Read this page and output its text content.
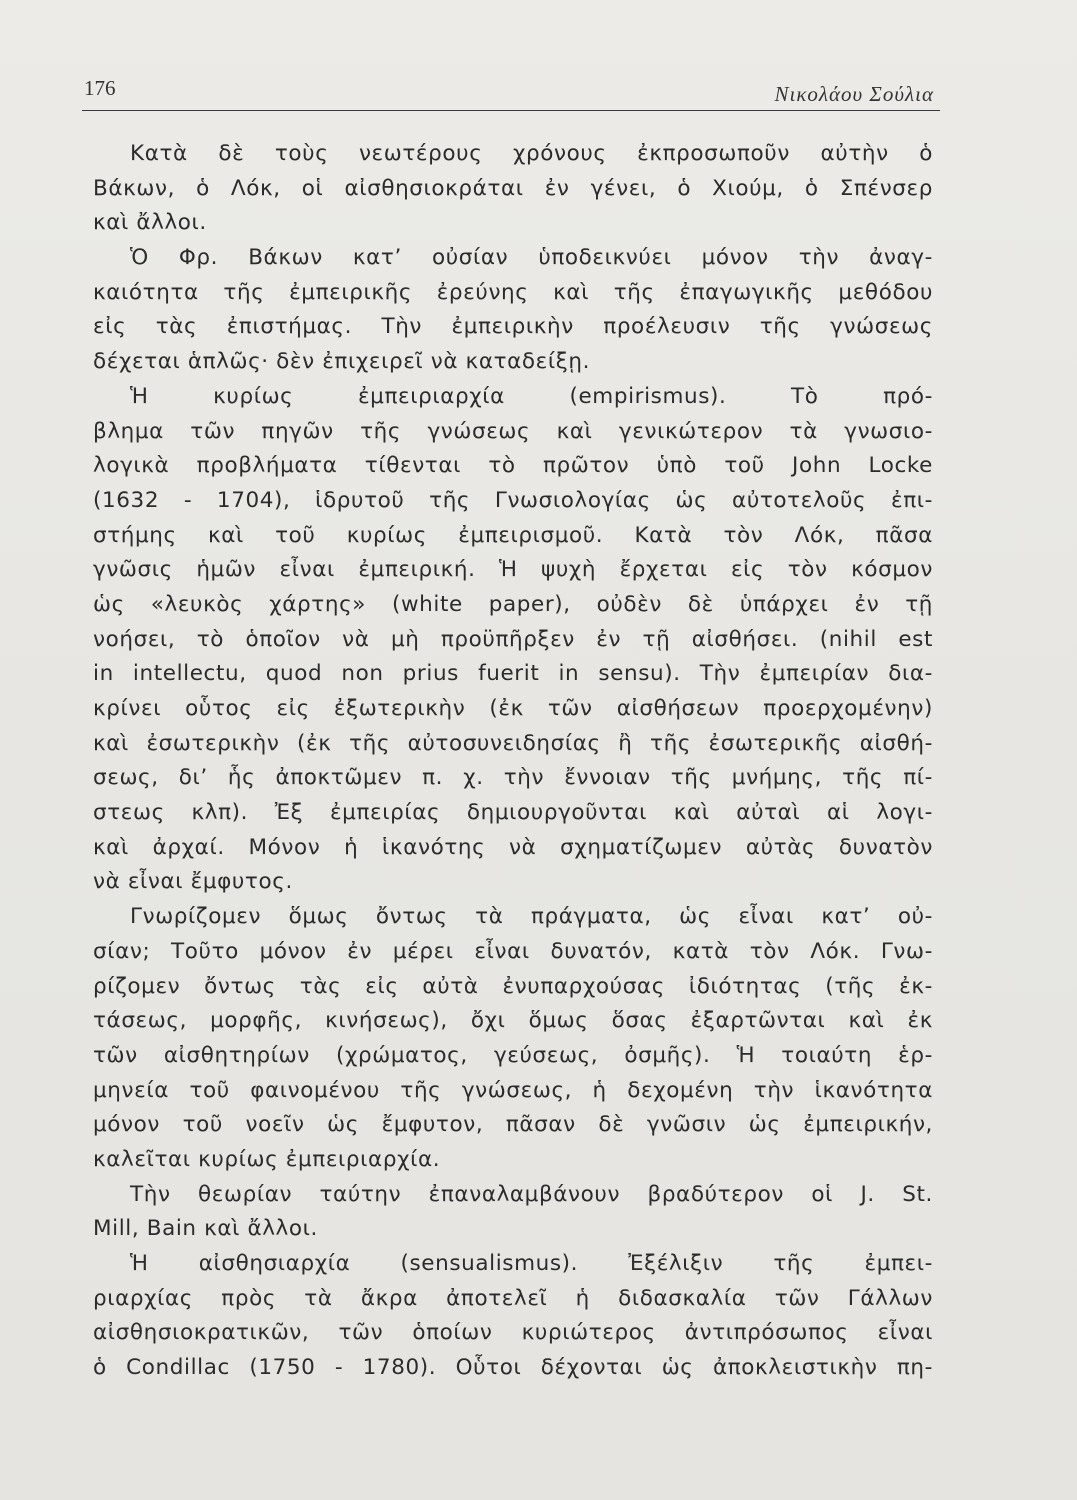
176	Νικολάου Σούλια
Κατὰ δὲ τοὺς νεωτέρους χρόνους ἐκπροσωποῦν αὐτὴν ὁ
Βάκων, ὁ Λόκ, οἱ αἰσθησιοκράται ἐν γένει, ὁ Χιούμ, ὁ Σπένσερ
καὶ ἄλλοι.
Ὁ Φρ. Βάκων κατ’ οὐσίαν ὑποδεικνύει μόνον τὴν ἀναγ-
καιότητα τῆς ἐμπειρικῆς ἐρεύνης καὶ τῆς ἐπαγωγικῆς μεθόδου
εἰς τὰς ἐπιστήμας. Τὴν ἐμπειρικὴν προέλευσιν τῆς γνώσεως
δέχεται ἁπλῶς· δὲν ἐπιχειρεῖ νὰ καταδείξῃ.
Ἡ κυρίως ἐμπειριαρχία (empirismus). Τὸ πρό-
βλημα τῶν πηγῶν τῆς γνώσεως καὶ γενικώτερον τὰ γνωσιο-
λογικὰ προβλήματα τίθενται τὸ πρῶτον ὑπὸ τοῦ John Locke
(1632 - 1704), ἱδρυτοῦ τῆς Γνωσιολογίας ὡς αὐτοτελοῦς ἐπι-
στήμης καὶ τοῦ κυρίως ἐμπειρισμοῦ. Κατὰ τὸν Λόκ, πᾶσα
γνῶσις ἡμῶν εἶναι ἐμπειρική. Ἡ ψυχὴ ἔρχεται εἰς τὸν κόσμον
ὡς «λευκὸς χάρτης» (white paper), οὐδὲν δὲ ὑπάρχει ἐν τῇ
νοήσει, τὸ ὁποῖον νὰ μὴ προϋπῆρξεν ἐν τῇ αἰσθήσει. (nihil est
in intellectu, quod non prius fuerit in sensu). Τὴν ἐμπειρίαν δια-
κρίνει οὗτος εἰς ἐξωτερικὴν (ἐκ τῶν αἰσθήσεων προερχομένην)
καὶ ἐσωτερικὴν (ἐκ τῆς αὐτοσυνειδησίας ἢ τῆς ἐσωτερικῆς αἰσθή-
σεως, δι’ ἧς ἀποκτῶμεν π. χ. τὴν ἔννοιαν τῆς μνήμης, τῆς πί-
στεως κλπ). Ἐξ ἐμπειρίας δημιουργοῦνται καὶ αὐταὶ αἱ λογι-
καὶ ἀρχαί. Μόνον ἡ ἱκανότης νὰ σχηματίζωμεν αὐτὰς δυνατὸν
νὰ εἶναι ἔμφυτος.
Γνωρίζομεν ὅμως ὄντως τὰ πράγματα, ὡς εἶναι κατ’ οὐ-
σίαν; Τοῦτο μόνον ἐν μέρει εἶναι δυνατόν, κατὰ τὸν Λόκ. Γνω-
ρίζομεν ὄντως τὰς εἰς αὐτὰ ἐνυπαρχούσας ἰδιότητας (τῆς ἐκ-
τάσεως, μορφῆς, κινήσεως), ὄχι ὅμως ὅσας ἐξαρτῶνται καὶ ἐκ
τῶν αἰσθητηρίων (χρώματος, γεύσεως, ὀσμῆς). Ἡ τοιαύτη ἑρ-
μηνεία τοῦ φαινομένου τῆς γνώσεως, ἡ δεχομένη τὴν ἱκανότητα
μόνον τοῦ νοεῖν ὡς ἔμφυτον, πᾶσαν δὲ γνῶσιν ὡς ἐμπειρικήν,
καλεῖται κυρίως ἐμπειριαρχία.
Τὴν θεωρίαν ταύτην ἐπαναλαμβάνουν βραδύτερον οἱ J. St.
Mill, Bain καὶ ἄλλοι.
Ἡ αἰσθησιαρχία (sensualismus). Ἐξέλιξιν τῆς ἐμπει-
ριαρχίας πρὸς τὰ ἄκρα ἀποτελεῖ ἡ διδασκαλία τῶν Γάλλων
αἰσθησιοκρατικῶν, τῶν ὁποίων κυριώτερος ἀντιπρόσωπος εἶναι
ὁ Condillac (1750 - 1780). Οὗτοι δέχονται ὡς ἀποκλειστικὴν πη-
